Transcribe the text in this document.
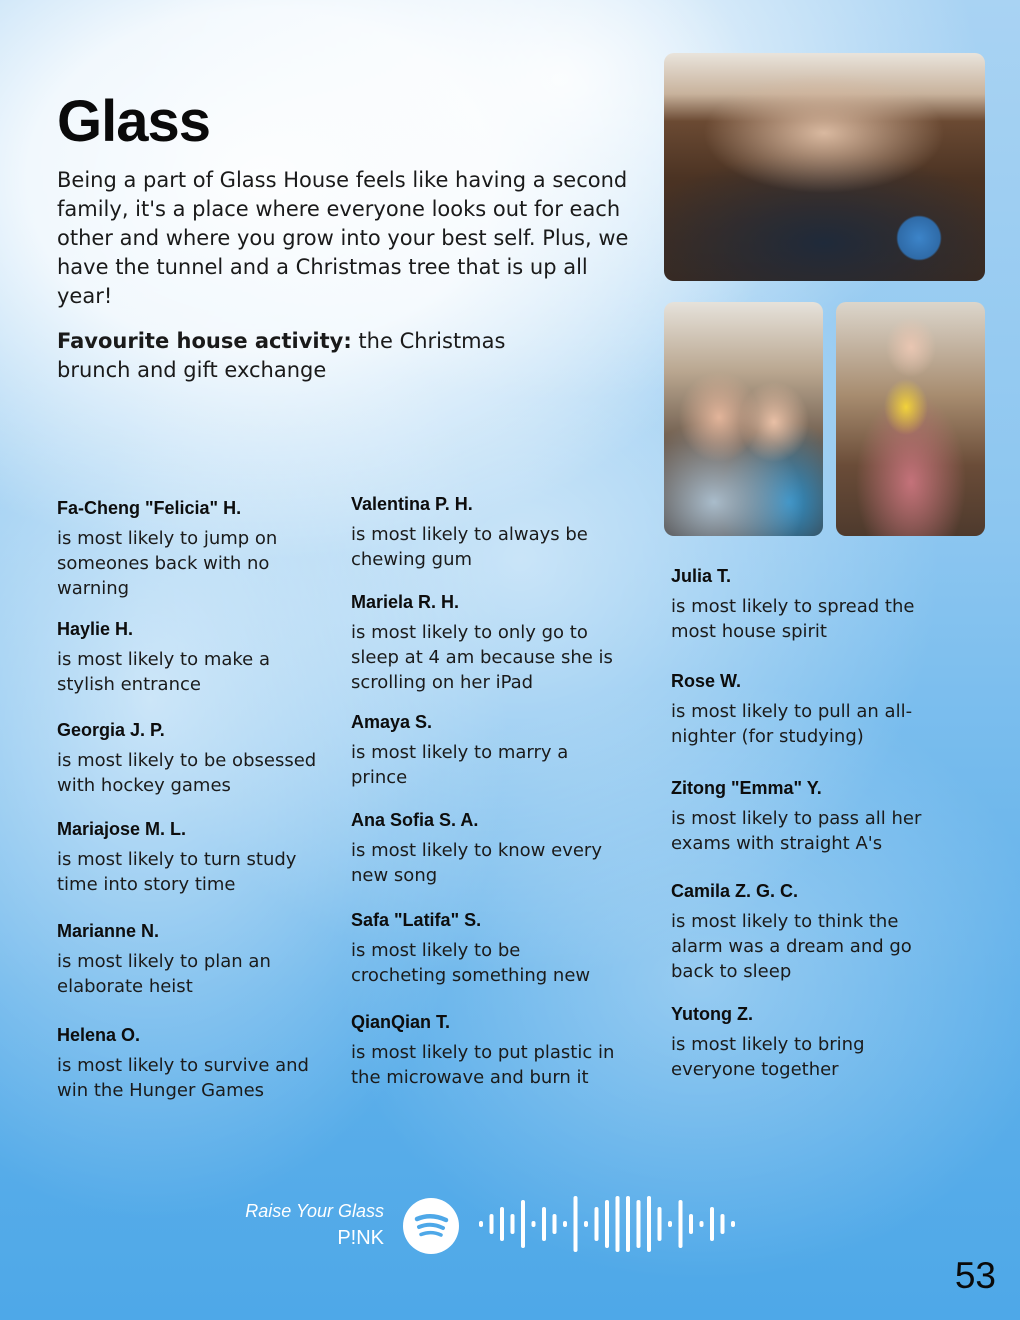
Glass

Being a part of Glass House feels like having a second family, it's a place where everyone looks out for each other and where you grow into your best self. Plus, we have the tunnel and a Christmas tree that is up all year!

Favourite house activity: the Christmas brunch and gift exchange

Fa-Cheng "Felicia" H.
is most likely to jump on someones back with no warning
Haylie H.
is most likely to make a stylish entrance
Georgia J. P.
is most likely to be obsessed with hockey games
Mariajose M. L.
is most likely to turn study time into story time
Marianne N.
is most likely to plan an elaborate heist
Helena O.
is most likely to survive and win the Hunger Games
Valentina P. H.
is most likely to always be chewing gum
Mariela R. H.
is most likely to only go to sleep at 4 am because she is scrolling on her iPad
Amaya S.
is most likely to marry a prince
Ana Sofia S. A.
is most likely to know every new song
Safa "Latifa" S.
is most likely to be crocheting something new
QianQian T.
is most likely to put plastic in the microwave and burn it
Julia T.
is most likely to spread the most house spirit
Rose W.
is most likely to pull an all-nighter (for studying)
Zitong "Emma" Y.
is most likely to pass all her exams with straight A's
Camila Z. G. C.
is most likely to think the alarm was a dream and go back to sleep
Yutong Z.
is most likely to bring everyone together
Raise Your Glass
P!NK
53
